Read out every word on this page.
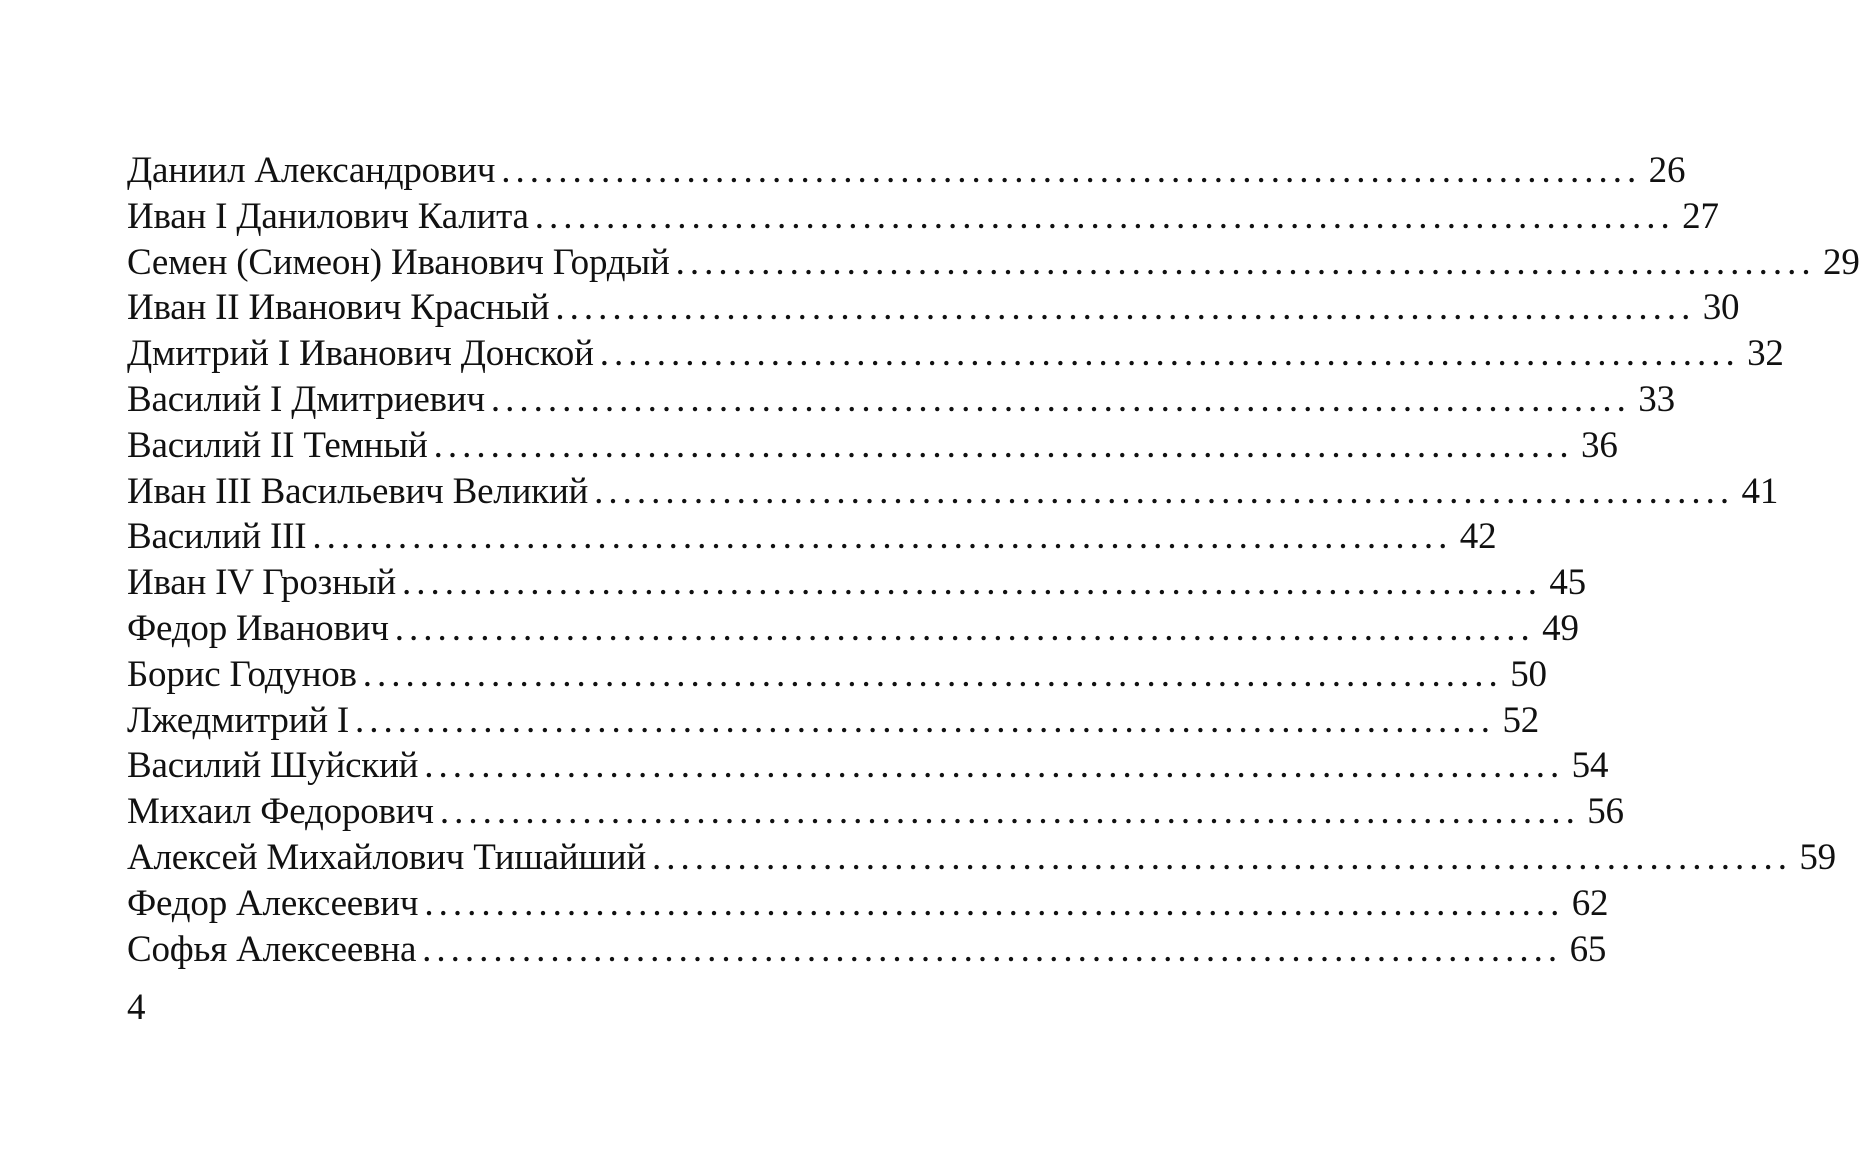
Даниил Александрович ................................................................................ 26
Иван I Данилович Калита ................................................................................ 27
Семен (Симеон) Иванович Гордый ................................................................................ 29
Иван II Иванович Красный ................................................................................ 30
Дмитрий I Иванович Донской ................................................................................ 32
Василий I Дмитриевич ................................................................................ 33
Василий II Темный ................................................................................ 36
Иван III Васильевич Великий ................................................................................ 41
Василий III ................................................................................ 42
Иван IV Грозный ................................................................................ 45
Федор Иванович ................................................................................ 49
Борис Годунов ................................................................................ 50
Лжедмитрий I ................................................................................ 52
Василий Шуйский ................................................................................ 54
Михаил Федорович ................................................................................ 56
Алексей Михайлович Тишайший ................................................................................ 59
Федор Алексеевич ................................................................................ 62
Софья Алексеевна ................................................................................ 65
4
